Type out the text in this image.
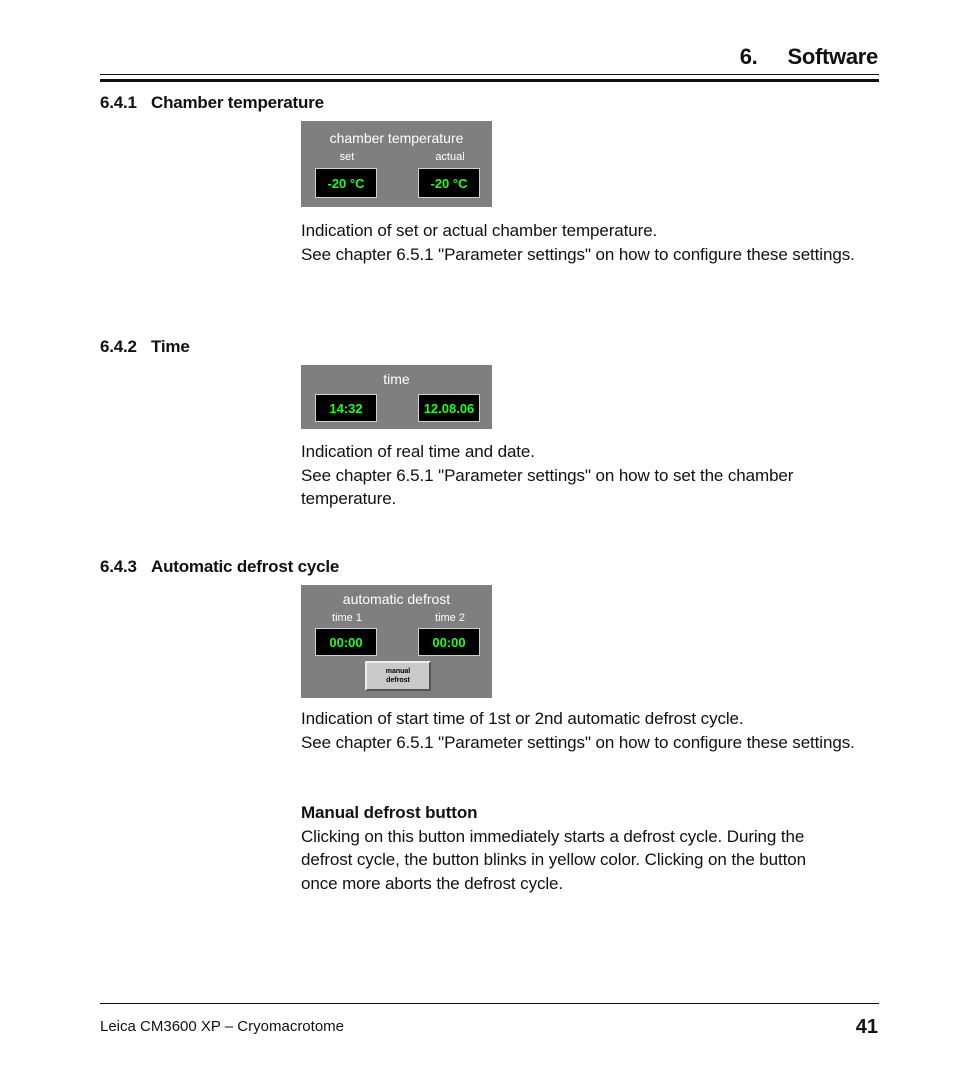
6. Software
6.4.1 Chamber temperature
chamber temperature
set	actual
-20 °C	-20 °C

Indication of set or actual chamber temperature.

See chapter 6.5.1 "Parameter settings" on how to configure these settings.

6.4.2 Time
time
14:32	12.08.06

Indication of real time and date.

See chapter 6.5.1 "Parameter settings" on how to set the chamber temperature.

6.4.3 Automatic defrost cycle
automatic defrost
time 1	time 2
00:00	00:00
manual
defrost

Indication of start time of 1st or 2nd automatic defrost cycle.

See chapter 6.5.1 "Parameter settings" on how to configure these settings.

Manual defrost button

Clicking on this button immediately starts a defrost cycle. During the defrost cycle, the button blinks in yellow color. Clicking on the button once more aborts the defrost cycle.

Leica CM3600 XP – Cryomacrotome	41
